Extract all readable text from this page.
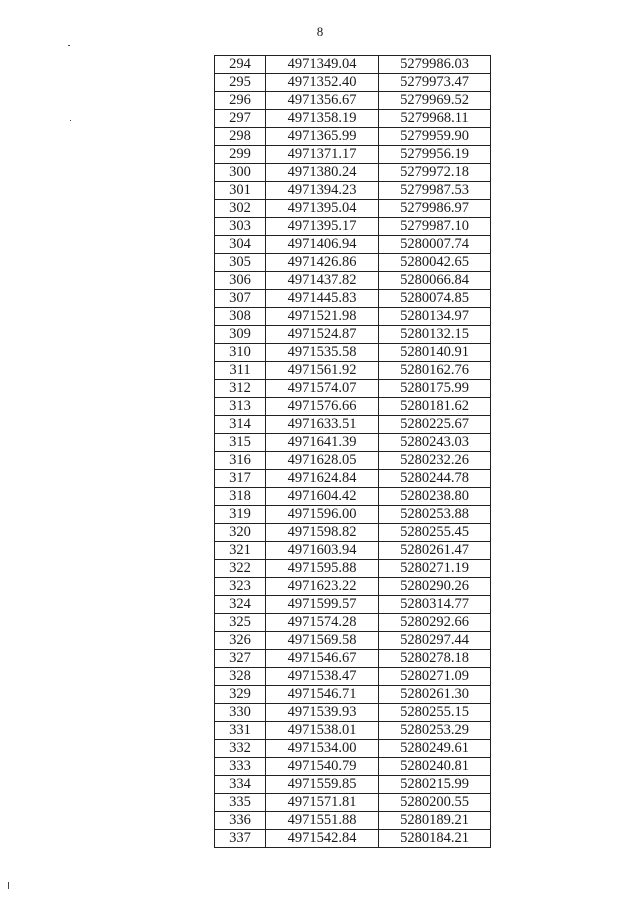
8
294	4971349.04	5279986.03
295	4971352.40	5279973.47
296	4971356.67	5279969.52
297	4971358.19	5279968.11
298	4971365.99	5279959.90
299	4971371.17	5279956.19
300	4971380.24	5279972.18
301	4971394.23	5279987.53
302	4971395.04	5279986.97
303	4971395.17	5279987.10
304	4971406.94	5280007.74
305	4971426.86	5280042.65
306	4971437.82	5280066.84
307	4971445.83	5280074.85
308	4971521.98	5280134.97
309	4971524.87	5280132.15
310	4971535.58	5280140.91
311	4971561.92	5280162.76
312	4971574.07	5280175.99
313	4971576.66	5280181.62
314	4971633.51	5280225.67
315	4971641.39	5280243.03
316	4971628.05	5280232.26
317	4971624.84	5280244.78
318	4971604.42	5280238.80
319	4971596.00	5280253.88
320	4971598.82	5280255.45
321	4971603.94	5280261.47
322	4971595.88	5280271.19
323	4971623.22	5280290.26
324	4971599.57	5280314.77
325	4971574.28	5280292.66
326	4971569.58	5280297.44
327	4971546.67	5280278.18
328	4971538.47	5280271.09
329	4971546.71	5280261.30
330	4971539.93	5280255.15
331	4971538.01	5280253.29
332	4971534.00	5280249.61
333	4971540.79	5280240.81
334	4971559.85	5280215.99
335	4971571.81	5280200.55
336	4971551.88	5280189.21
337	4971542.84	5280184.21
